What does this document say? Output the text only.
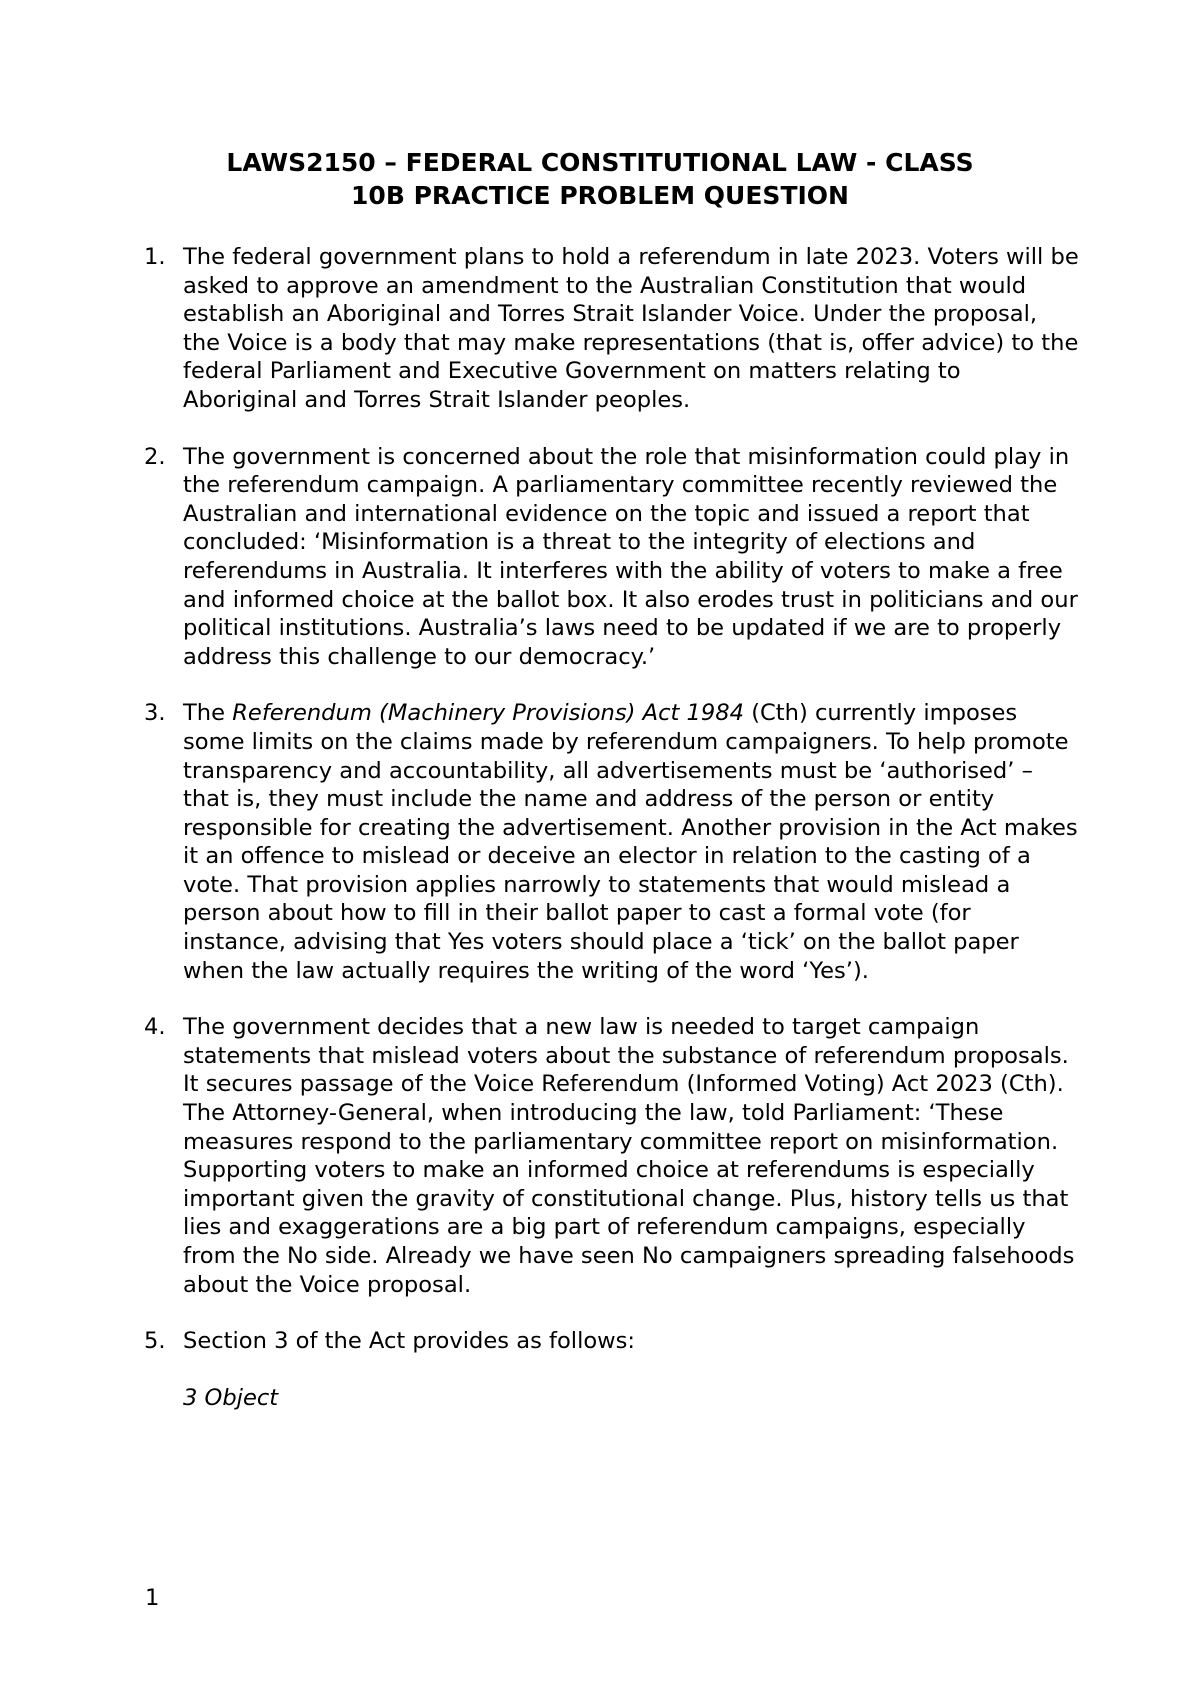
LAWS2150 – FEDERAL CONSTITUTIONAL LAW - CLASS
10B PRACTICE PROBLEM QUESTION
1. The federal government plans to hold a referendum in late 2023. Voters will be asked to approve an amendment to the Australian Constitution that would establish an Aboriginal and Torres Strait Islander Voice. Under the proposal, the Voice is a body that may make representations (that is, offer advice) to the federal Parliament and Executive Government on matters relating to Aboriginal and Torres Strait Islander peoples.
2. The government is concerned about the role that misinformation could play in the referendum campaign. A parliamentary committee recently reviewed the Australian and international evidence on the topic and issued a report that concluded: ‘Misinformation is a threat to the integrity of elections and referendums in Australia. It interferes with the ability of voters to make a free and informed choice at the ballot box. It also erodes trust in politicians and our political institutions. Australia’s laws need to be updated if we are to properly address this challenge to our democracy.’
3. The Referendum (Machinery Provisions) Act 1984 (Cth) currently imposes some limits on the claims made by referendum campaigners. To help promote transparency and accountability, all advertisements must be ‘authorised’ – that is, they must include the name and address of the person or entity responsible for creating the advertisement. Another provision in the Act makes it an offence to mislead or deceive an elector in relation to the casting of a vote. That provision applies narrowly to statements that would mislead a person about how to fill in their ballot paper to cast a formal vote (for instance, advising that Yes voters should place a ‘tick’ on the ballot paper when the law actually requires the writing of the word ‘Yes’).
4. The government decides that a new law is needed to target campaign statements that mislead voters about the substance of referendum proposals. It secures passage of the Voice Referendum (Informed Voting) Act 2023 (Cth). The Attorney-General, when introducing the law, told Parliament: ‘These measures respond to the parliamentary committee report on misinformation. Supporting voters to make an informed choice at referendums is especially important given the gravity of constitutional change. Plus, history tells us that lies and exaggerations are a big part of referendum campaigns, especially from the No side. Already we have seen No campaigners spreading falsehoods about the Voice proposal.
5. Section 3 of the Act provides as follows:
3 Object
1
